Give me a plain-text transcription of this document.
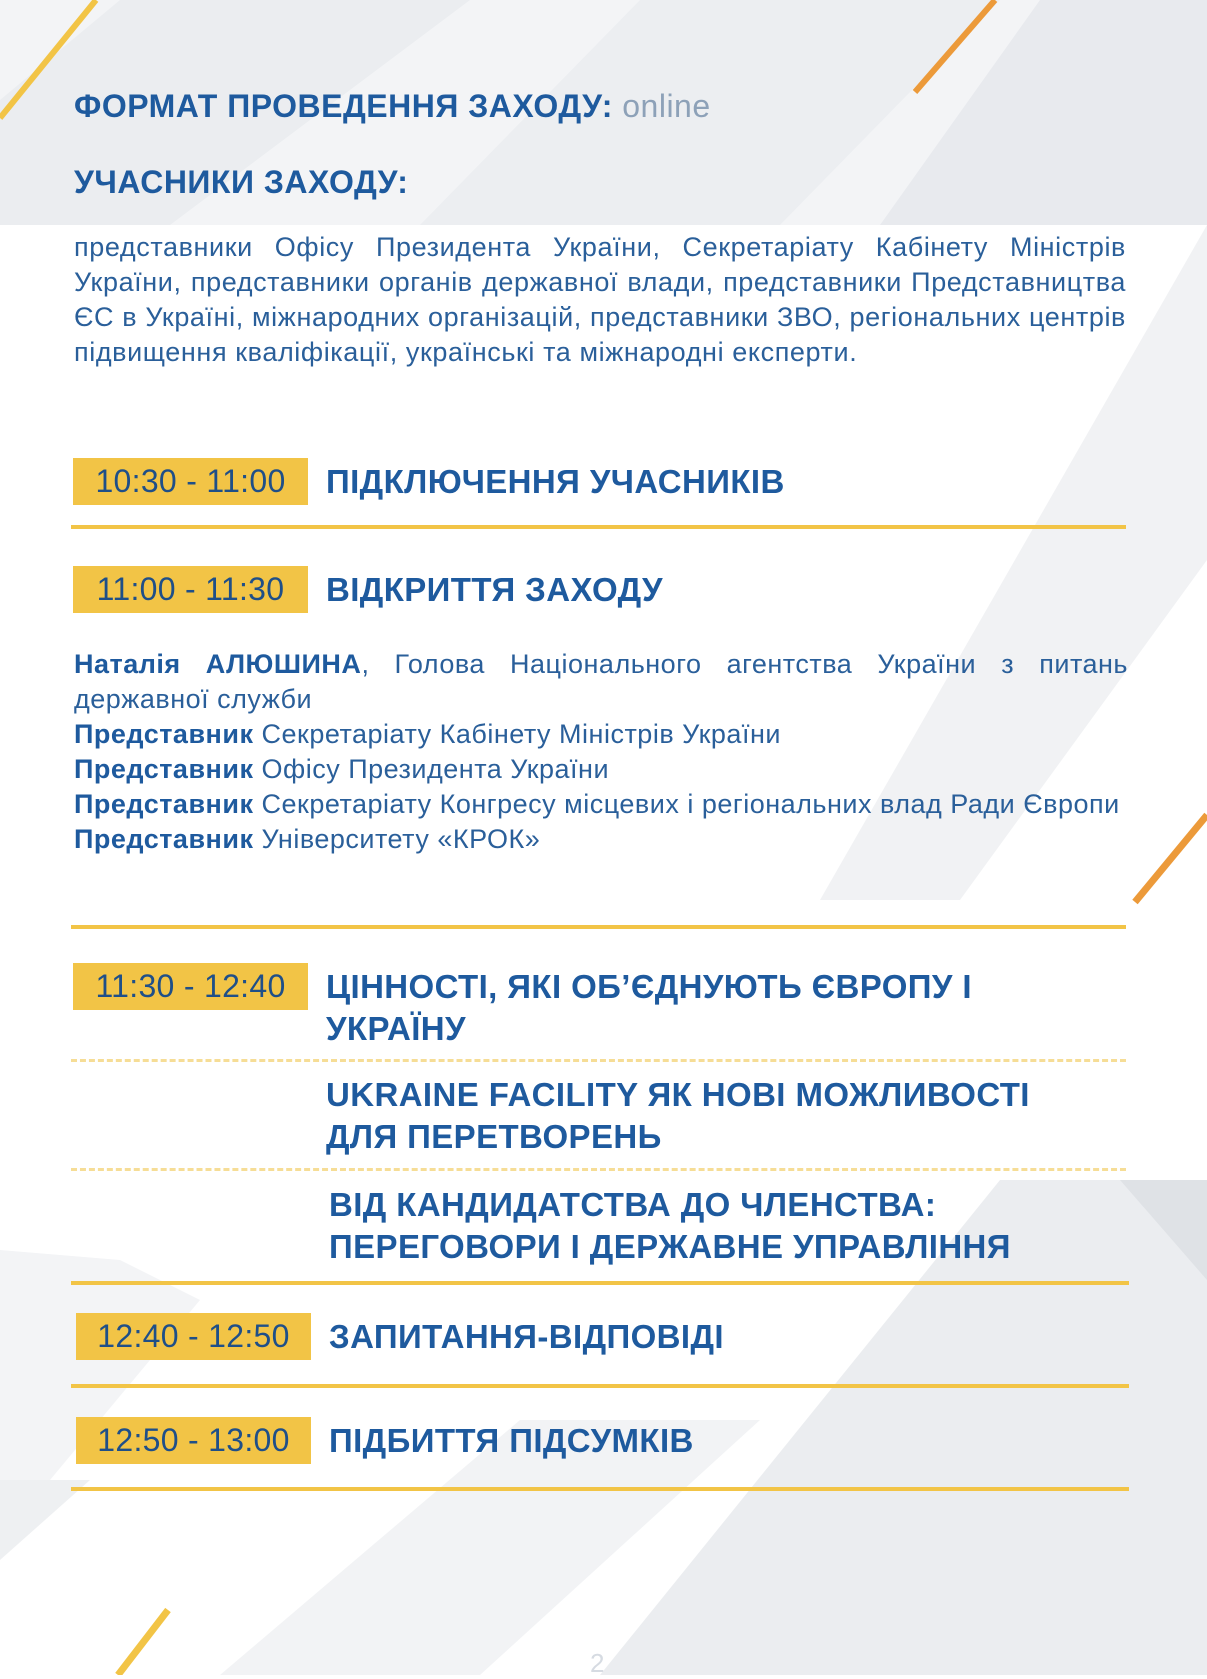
ФОРМАТ ПРОВЕДЕННЯ ЗАХОДУ: online
УЧАСНИКИ ЗАХОДУ:
представники Офісу Президента України, Секретаріату Кабінету Міністрів України, представники органів державної влади, представники Представництва ЄС в Україні, міжнародних організацій, представники ЗВО, регіональних центрів підвищення кваліфікації, українські та міжнародні експерти.
10:30 - 11:00	ПІДКЛЮЧЕННЯ УЧАСНИКІВ
11:00 - 11:30	ВІДКРИТТЯ ЗАХОДУ
Наталія АЛЮШИНА, Голова Національного агентства України з питань державної служби
Представник Секретаріату Кабінету Міністрів України
Представник Офісу Президента України
Представник Секретаріату Конгресу місцевих і регіональних влад Ради Європи
Представник Університету «КРОК»
11:30 - 12:40	ЦІННОСТІ, ЯКІ ОБ’ЄДНУЮТЬ ЄВРОПУ І УКРАЇНУ
UKRAINE FACILITY ЯК НОВІ МОЖЛИВОСТІ ДЛЯ ПЕРЕТВОРЕНЬ
ВІД КАНДИДАТСТВА ДО ЧЛЕНСТВА: ПЕРЕГОВОРИ І ДЕРЖАВНЕ УПРАВЛІННЯ
12:40 - 12:50	ЗАПИТАННЯ-ВІДПОВІДІ
12:50 - 13:00	ПІДБИТТЯ ПІДСУМКІВ
2
